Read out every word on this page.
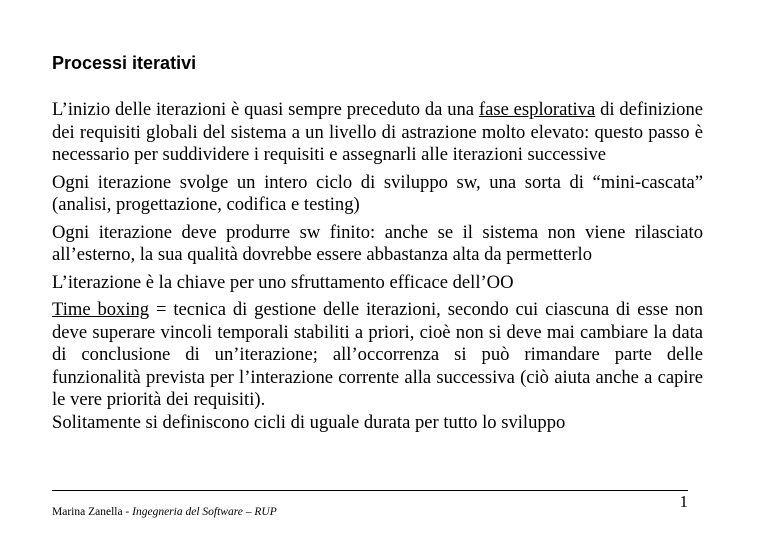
Processi iterativi

L’inizio delle iterazioni è quasi sempre preceduto da una fase esplorativa di definizione dei requisiti globali del sistema a un livello di astrazione molto elevato: questo passo è necessario per suddividere i requisiti e assegnarli alle iterazioni successive

Ogni iterazione svolge un intero ciclo di sviluppo sw, una sorta di “mini-cascata” (analisi, progettazione, codifica e testing)

Ogni iterazione deve produrre sw finito: anche se il sistema non viene rilasciato all’esterno, la sua qualità dovrebbe essere abbastanza alta da permetterlo

L’iterazione è la chiave per uno sfruttamento efficace dell’OO

Time boxing = tecnica di gestione delle iterazioni, secondo cui ciascuna di esse non deve superare vincoli temporali stabiliti a priori, cioè non si deve mai cambiare la data di conclusione di un’iterazione; all’occorrenza si può rimandare parte delle funzionalità prevista per l’interazione corrente alla successiva (ciò aiuta anche a capire le vere priorità dei requisiti).

Solitamente si definiscono cicli di uguale durata per tutto lo sviluppo

Marina Zanella - Ingegneria del Software – RUP
1
